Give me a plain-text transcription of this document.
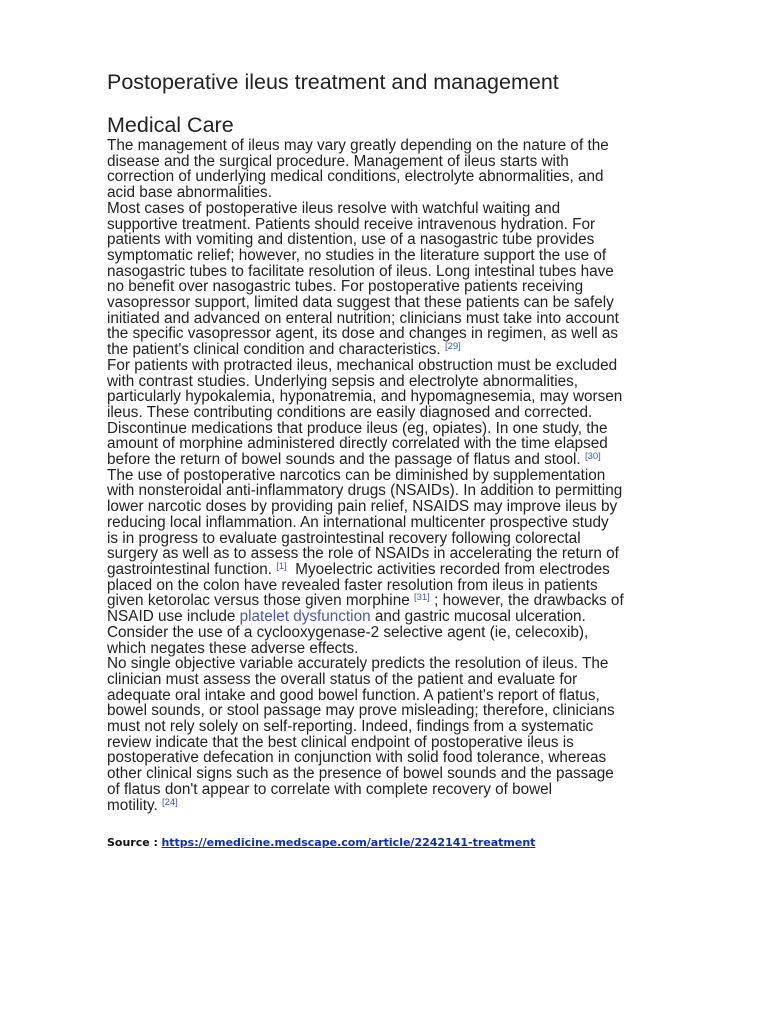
Postoperative ileus treatment and management
Medical Care

The management of ileus may vary greatly depending on the nature of the
disease and the surgical procedure. Management of ileus starts with
correction of underlying medical conditions, electrolyte abnormalities, and
acid base abnormalities.

Most cases of postoperative ileus resolve with watchful waiting and
supportive treatment. Patients should receive intravenous hydration. For
patients with vomiting and distention, use of a nasogastric tube provides
symptomatic relief; however, no studies in the literature support the use of
nasogastric tubes to facilitate resolution of ileus. Long intestinal tubes have
no benefit over nasogastric tubes. For postoperative patients receiving
vasopressor support, limited data suggest that these patients can be safely
initiated and advanced on enteral nutrition; clinicians must take into account
the specific vasopressor agent, its dose and changes in regimen, as well as
the patient's clinical condition and characteristics. [29]

For patients with protracted ileus, mechanical obstruction must be excluded
with contrast studies. Underlying sepsis and electrolyte abnormalities,
particularly hypokalemia, hyponatremia, and hypomagnesemia, may worsen
ileus. These contributing conditions are easily diagnosed and corrected.
Discontinue medications that produce ileus (eg, opiates). In one study, the
amount of morphine administered directly correlated with the time elapsed
before the return of bowel sounds and the passage of flatus and stool. [30]

The use of postoperative narcotics can be diminished by supplementation
with nonsteroidal anti-inflammatory drugs (NSAIDs). In addition to permitting
lower narcotic doses by providing pain relief, NSAIDS may improve ileus by
reducing local inflammation. An international multicenter prospective study
is in progress to evaluate gastrointestinal recovery following colorectal
surgery as well as to assess the role of NSAIDs in accelerating the return of
gastrointestinal function. [1]  Myoelectric activities recorded from electrodes
placed on the colon have revealed faster resolution from ileus in patients
given ketorolac versus those given morphine [31] ; however, the drawbacks of
NSAID use include platelet dysfunction and gastric mucosal ulceration.
Consider the use of a cyclooxygenase-2 selective agent (ie, celecoxib),
which negates these adverse effects.

No single objective variable accurately predicts the resolution of ileus. The
clinician must assess the overall status of the patient and evaluate for
adequate oral intake and good bowel function. A patient's report of flatus,
bowel sounds, or stool passage may prove misleading; therefore, clinicians
must not rely solely on self-reporting. Indeed, findings from a systematic
review indicate that the best clinical endpoint of postoperative ileus is
postoperative defecation in conjunction with solid food tolerance, whereas
other clinical signs such as the presence of bowel sounds and the passage
of flatus don't appear to correlate with complete recovery of bowel
motility. [24]

Source : https://emedicine.medscape.com/article/2242141-treatment
